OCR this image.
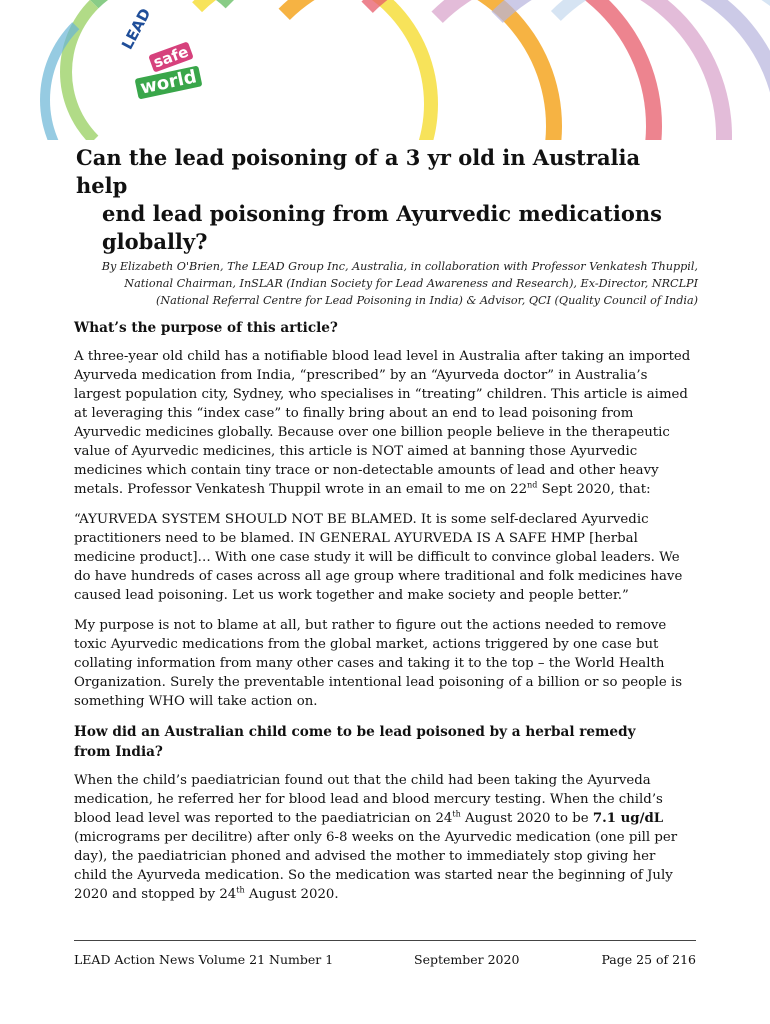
LEAD
safe
world
Can the lead poisoning of a 3 yr old in Australia help
end lead poisoning from Ayurvedic medications
globally?
By Elizabeth O'Brien, The LEAD Group Inc, Australia, in collaboration with Professor Venkatesh Thuppil,
National Chairman, InSLAR (Indian Society for Lead Awareness and Research), Ex-Director, NRCLPI
(National Referral Centre for Lead Poisoning in India) & Advisor, QCI (Quality Council of India)
What’s the purpose of this article?

A three-year old child has a notifiable blood lead level in Australia after taking an imported
Ayurveda medication from India, “prescribed” by an “Ayurveda doctor” in Australia’s
largest population city, Sydney, who specialises in “treating” children. This article is aimed
at leveraging this “index case” to finally bring about an end to lead poisoning from
Ayurvedic medicines globally. Because over one billion people believe in the therapeutic
value of Ayurvedic medicines, this article is NOT aimed at banning those Ayurvedic
medicines which contain tiny trace or non-detectable amounts of lead and other heavy
metals. Professor Venkatesh Thuppil wrote in an email to me on 22nd Sept 2020, that:

“AYURVEDA SYSTEM SHOULD NOT BE BLAMED. It is some self-declared Ayurvedic
practitioners need to be blamed. IN GENERAL AYURVEDA IS A SAFE HMP [herbal
medicine product]… With one case study it will be difficult to convince global leaders. We
do have hundreds of cases across all age group where traditional and folk medicines have
caused lead poisoning. Let us work together and make society and people better.”

My purpose is not to blame at all, but rather to figure out the actions needed to remove
toxic Ayurvedic medications from the global market, actions triggered by one case but
collating information from many other cases and taking it to the top – the World Health
Organization. Surely the preventable intentional lead poisoning of a billion or so people is
something WHO will take action on.

How did an Australian child come to be lead poisoned by a herbal remedy
from India?

When the child’s paediatrician found out that the child had been taking the Ayurveda
medication, he referred her for blood lead and blood mercury testing. When the child’s
blood lead level was reported to the paediatrician on 24th August 2020 to be 7.1 ug/dL
(micrograms per decilitre) after only 6-8 weeks on the Ayurvedic medication (one pill per
day), the paediatrician phoned and advised the mother to immediately stop giving her
child the Ayurveda medication. So the medication was started near the beginning of July
2020 and stopped by 24th August 2020.

LEAD Action News Volume 21 Number 1	September 2020	Page 25 of 216
